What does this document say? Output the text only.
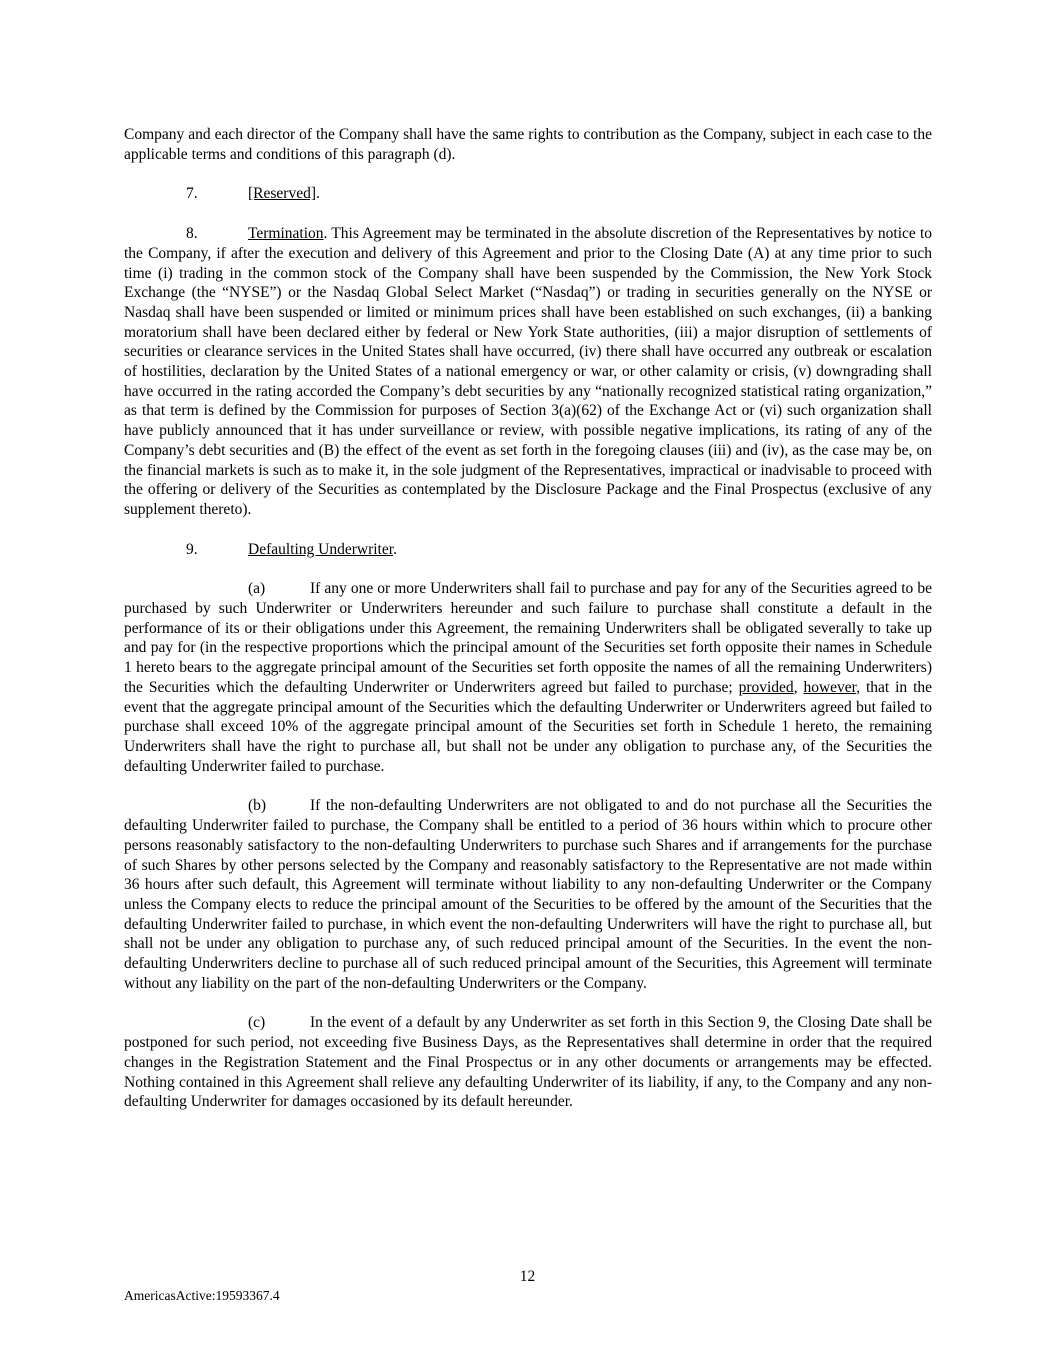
Company and each director of the Company shall have the same rights to contribution as the Company, subject in each case to the applicable terms and conditions of this paragraph (d).

7.	[Reserved].

8.	Termination. This Agreement may be terminated in the absolute discretion of the Representatives by notice to the Company, if after the execution and delivery of this Agreement and prior to the Closing Date (A) at any time prior to such time (i) trading in the common stock of the Company shall have been suspended by the Commission, the New York Stock Exchange (the “NYSE”) or the Nasdaq Global Select Market (“Nasdaq”) or trading in securities generally on the NYSE or Nasdaq shall have been suspended or limited or minimum prices shall have been established on such exchanges, (ii) a banking moratorium shall have been declared either by federal or New York State authorities, (iii) a major disruption of settlements of securities or clearance services in the United States shall have occurred, (iv) there shall have occurred any outbreak or escalation of hostilities, declaration by the United States of a national emergency or war, or other calamity or crisis, (v) downgrading shall have occurred in the rating accorded the Company’s debt securities by any “nationally recognized statistical rating organization,” as that term is defined by the Commission for purposes of Section 3(a)(62) of the Exchange Act or (vi) such organization shall have publicly announced that it has under surveillance or review, with possible negative implications, its rating of any of the Company’s debt securities and (B) the effect of the event as set forth in the foregoing clauses (iii) and (iv), as the case may be, on the financial markets is such as to make it, in the sole judgment of the Representatives, impractical or inadvisable to proceed with the offering or delivery of the Securities as contemplated by the Disclosure Package and the Final Prospectus (exclusive of any supplement thereto).

9.	Defaulting Underwriter.

(a)	If any one or more Underwriters shall fail to purchase and pay for any of the Securities agreed to be purchased by such Underwriter or Underwriters hereunder and such failure to purchase shall constitute a default in the performance of its or their obligations under this Agreement, the remaining Underwriters shall be obligated severally to take up and pay for (in the respective proportions which the principal amount of the Securities set forth opposite their names in Schedule 1 hereto bears to the aggregate principal amount of the Securities set forth opposite the names of all the remaining Underwriters) the Securities which the defaulting Underwriter or Underwriters agreed but failed to purchase; provided, however, that in the event that the aggregate principal amount of the Securities which the defaulting Underwriter or Underwriters agreed but failed to purchase shall exceed 10% of the aggregate principal amount of the Securities set forth in Schedule 1 hereto, the remaining Underwriters shall have the right to purchase all, but shall not be under any obligation to purchase any, of the Securities the defaulting Underwriter failed to purchase.

(b)	If the non-defaulting Underwriters are not obligated to and do not purchase all the Securities the defaulting Underwriter failed to purchase, the Company shall be entitled to a period of 36 hours within which to procure other persons reasonably satisfactory to the non-defaulting Underwriters to purchase such Shares and if arrangements for the purchase of such Shares by other persons selected by the Company and reasonably satisfactory to the Representative are not made within 36 hours after such default, this Agreement will terminate without liability to any non-defaulting Underwriter or the Company unless the Company elects to reduce the principal amount of the Securities to be offered by the amount of the Securities that the defaulting Underwriter failed to purchase, in which event the non-defaulting Underwriters will have the right to purchase all, but shall not be under any obligation to purchase any, of such reduced principal amount of the Securities. In the event the non-defaulting Underwriters decline to purchase all of such reduced principal amount of the Securities, this Agreement will terminate without any liability on the part of the non-defaulting Underwriters or the Company.

(c)	In the event of a default by any Underwriter as set forth in this Section 9, the Closing Date shall be postponed for such period, not exceeding five Business Days, as the Representatives shall determine in order that the required changes in the Registration Statement and the Final Prospectus or in any other documents or arrangements may be effected. Nothing contained in this Agreement shall relieve any defaulting Underwriter of its liability, if any, to the Company and any non-defaulting Underwriter for damages occasioned by its default hereunder.

12
AmericasActive:19593367.4
